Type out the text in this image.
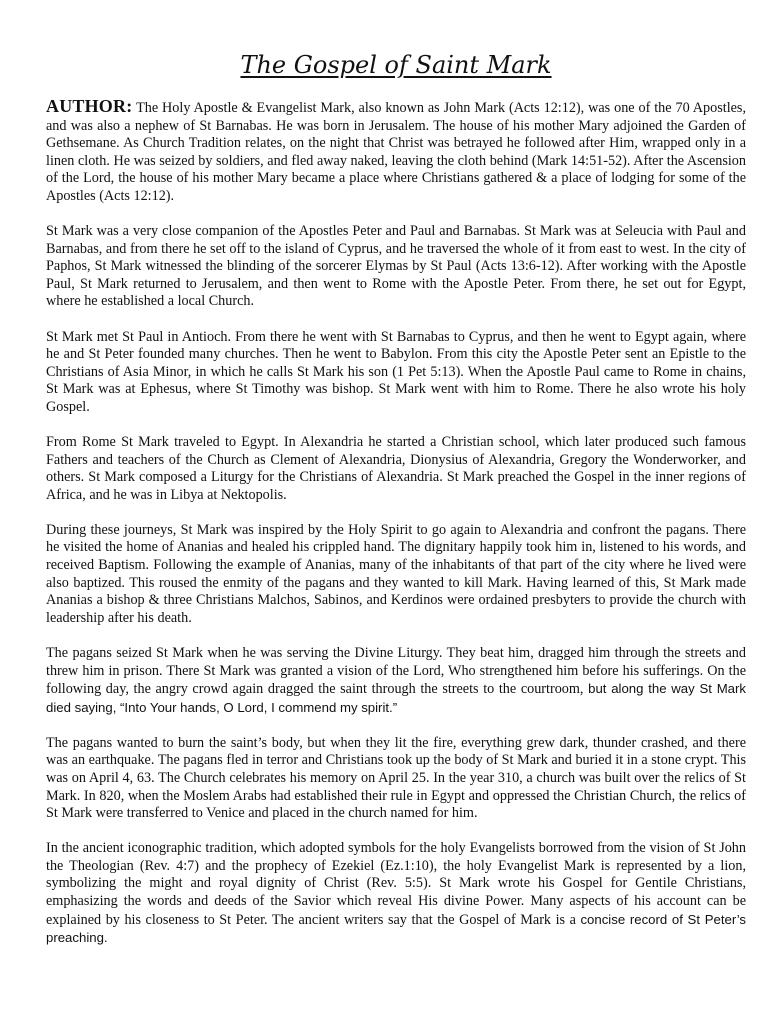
The Gospel of Saint Mark

AUTHOR: The Holy Apostle & Evangelist Mark, also known as John Mark (Acts 12:12), was one of the 70 Apostles, and was also a nephew of St Barnabas. He was born in Jerusalem. The house of his mother Mary adjoined the Garden of Gethsemane. As Church Tradition relates, on the night that Christ was betrayed he followed after Him, wrapped only in a linen cloth. He was seized by soldiers, and fled away naked, leaving the cloth behind (Mark 14:51-52). After the Ascension of the Lord, the house of his mother Mary became a place where Christians gathered & a place of lodging for some of the Apostles (Acts 12:12).

St Mark was a very close companion of the Apostles Peter and Paul and Barnabas. St Mark was at Seleucia with Paul and Barnabas, and from there he set off to the island of Cyprus, and he traversed the whole of it from east to west. In the city of Paphos, St Mark witnessed the blinding of the sorcerer Elymas by St Paul (Acts 13:6-12). After working with the Apostle Paul, St Mark returned to Jerusalem, and then went to Rome with the Apostle Peter. From there, he set out for Egypt, where he established a local Church.

St Mark met St Paul in Antioch. From there he went with St Barnabas to Cyprus, and then he went to Egypt again, where he and St Peter founded many churches. Then he went to Babylon. From this city the Apostle Peter sent an Epistle to the Christians of Asia Minor, in which he calls St Mark his son (1 Pet 5:13). When the Apostle Paul came to Rome in chains, St Mark was at Ephesus, where St Timothy was bishop. St Mark went with him to Rome. There he also wrote his holy Gospel.

From Rome St Mark traveled to Egypt. In Alexandria he started a Christian school, which later produced such famous Fathers and teachers of the Church as Clement of Alexandria, Dionysius of Alexandria, Gregory the Wonderworker, and others. St Mark composed a Liturgy for the Christians of Alexandria. St Mark preached the Gospel in the inner regions of Africa, and he was in Libya at Nektopolis.

During these journeys, St Mark was inspired by the Holy Spirit to go again to Alexandria and confront the pagans. There he visited the home of Ananias and healed his crippled hand. The dignitary happily took him in, listened to his words, and received Baptism. Following the example of Ananias, many of the inhabitants of that part of the city where he lived were also baptized. This roused the enmity of the pagans and they wanted to kill Mark. Having learned of this, St Mark made Ananias a bishop & three Christians Malchos, Sabinos, and Kerdinos were ordained presbyters to provide the church with leadership after his death.

The pagans seized St Mark when he was serving the Divine Liturgy. They beat him, dragged him through the streets and threw him in prison. There St Mark was granted a vision of the Lord, Who strengthened him before his sufferings. On the following day, the angry crowd again dragged the saint through the streets to the courtroom, but along the way St Mark died saying, “Into Your hands, O Lord, I commend my spirit.”

The pagans wanted to burn the saint’s body, but when they lit the fire, everything grew dark, thunder crashed, and there was an earthquake. The pagans fled in terror and Christians took up the body of St Mark and buried it in a stone crypt. This was on April 4, 63. The Church celebrates his memory on April 25. In the year 310, a church was built over the relics of St Mark. In 820, when the Moslem Arabs had established their rule in Egypt and oppressed the Christian Church, the relics of St Mark were transferred to Venice and placed in the church named for him.

In the ancient iconographic tradition, which adopted symbols for the holy Evangelists borrowed from the vision of St John the Theologian (Rev. 4:7) and the prophecy of Ezekiel (Ez.1:10), the holy Evangelist Mark is represented by a lion, symbolizing the might and royal dignity of Christ (Rev. 5:5). St Mark wrote his Gospel for Gentile Christians, emphasizing the words and deeds of the Savior which reveal His divine Power. Many aspects of his account can be explained by his closeness to St Peter. The ancient writers say that the Gospel of Mark is a concise record of St Peter’s preaching.
